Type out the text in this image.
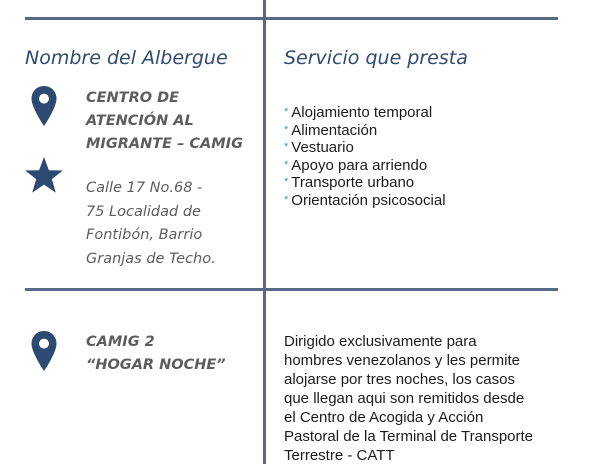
Nombre del Albergue	Servicio que presta
CENTRO DE
ATENCIÓN AL
MIGRANTE – CAMIG
Calle 17 No.68 -
75 Localidad de
Fontibón, Barrio
Granjas de Techo.
* Alojamiento temporal
* Alimentación
* Vestuario
* Apoyo para arriendo
* Transporte urbano
* Orientación psicosocial
CAMIG 2
“HOGAR NOCHE”
Dirigido exclusivamente para
hombres venezolanos y les permite
alojarse por tres noches, los casos
que llegan aqui son remitidos desde
el Centro de Acogida y Acción
Pastoral de la Terminal de Transporte
Terrestre - CATT
